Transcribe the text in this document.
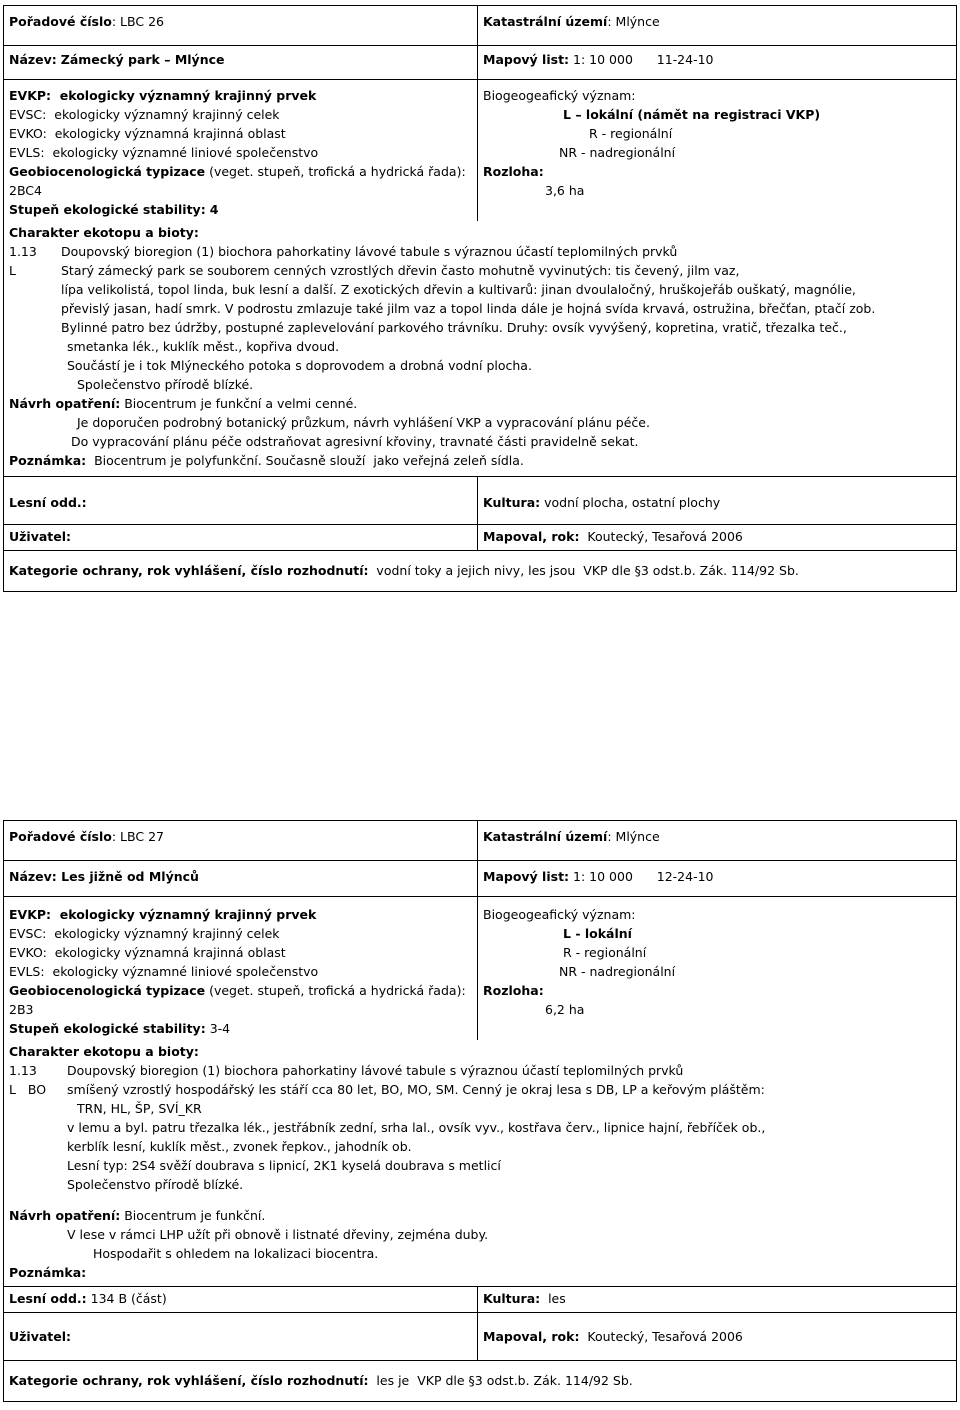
Pořadové číslo: LBC 26	Katastrální území: Mlýnce
Název: Zámecký park – Mlýnce	Mapový list: 1: 10 000      11-24-10
EVKP:  ekologicky významný krajinný prvek
EVSC:  ekologicky významný krajinný celek
EVKO:  ekologicky významná krajinná oblast
EVLS:  ekologicky významné liniové společenstvo
Geobiocenologická typizace (veget. stupeň, trofická a hydrická řada):
2BC4
Stupeň ekologické stability: 4
Biogeogeafický význam:
L – lokální (námět na registraci VKP)
R - regionální
NR - nadregionální
Rozloha:
3,6 ha
Charakter ekotopu a bioty:
1.13 Doupovský bioregion (1) biochora pahorkatiny lávové tabule s výraznou účastí teplomilných prvků
L	Starý zámecký park se souborem cenných vzrostlých dřevin často mohutně vyvinutých: tis čevený, jilm vaz,
lípa velikolistá, topol linda, buk lesní a další. Z exotických dřevin a kultivarů: jinan dvoulaločný, hruškojeřáb ouškatý, magnólie,
převislý jasan, hadí smrk. V podrostu zmlazuje také jilm vaz a topol linda dále je hojná svída krvavá, ostružina, břečťan, ptačí zob.
Bylinné patro bez údržby, postupné zaplevelování parkového trávníku. Druhy: ovsík vyvýšený, kopretina, vratič, třezalka teč.,
smetanka lék., kuklík měst., kopřiva dvoud.
Součástí je i tok Mlýneckého potoka s doprovodem a drobná vodní plocha.
Společenstvo přírodě blízké.
Návrh opatření: Biocentrum je funkční a velmi cenné.
Je doporučen podrobný botanický průzkum, návrh vyhlášení VKP a vypracování plánu péče.
Do vypracování plánu péče odstraňovat agresivní křoviny, travnaté části pravidelně sekat.
Poznámka:  Biocentrum je polyfunkční. Současně slouží  jako veřejná zeleň sídla.
Lesní odd.:	Kultura: vodní plocha, ostatní plochy
Uživatel:	Mapoval, rok:  Koutecký, Tesařová 2006
Kategorie ochrany, rok vyhlášení, číslo rozhodnutí:  vodní toky a jejich nivy, les jsou  VKP dle §3 odst.b. Zák. 114/92 Sb.
Pořadové číslo: LBC 27	Katastrální území: Mlýnce
Název: Les jižně od Mlýnců	Mapový list: 1: 10 000      12-24-10
EVKP:  ekologicky významný krajinný prvek
EVSC:  ekologicky významný krajinný celek
EVKO:  ekologicky významná krajinná oblast
EVLS:  ekologicky významné liniové společenstvo
Geobiocenologická typizace (veget. stupeň, trofická a hydrická řada):
2B3
Stupeň ekologické stability: 3-4
Biogeogeafický význam:
L - lokální
R - regionální
NR - nadregionální
Rozloha:
6,2 ha
Charakter ekotopu a bioty:
1.13 Doupovský bioregion (1) biochora pahorkatiny lávové tabule s výraznou účastí teplomilných prvků
L   BO smíšený vzrostlý hospodářský les stáří cca 80 let, BO, MO, SM. Cenný je okraj lesa s DB, LP a keřovým pláštěm:
TRN, HL, ŠP, SVÍ_KR
v lemu a byl. patru třezalka lék., jestřábník zední, srha lal., ovsík vyv., kostřava červ., lipnice hajní, řebříček ob.,
kerblík lesní, kuklík měst., zvonek řepkov., jahodník ob.
Lesní typ: 2S4 svěží doubrava s lipnicí, 2K1 kyselá doubrava s metlicí
Společenstvo přírodě blízké.
Návrh opatření: Biocentrum je funkční.
V lese v rámci LHP užít při obnově i listnaté dřeviny, zejména duby.
Hospodařit s ohledem na lokalizaci biocentra.
Poznámka:
Lesní odd.: 134 B (část)	Kultura:  les
Uživatel:	Mapoval, rok:  Koutecký, Tesařová 2006
Kategorie ochrany, rok vyhlášení, číslo rozhodnutí:  les je  VKP dle §3 odst.b. Zák. 114/92 Sb.
